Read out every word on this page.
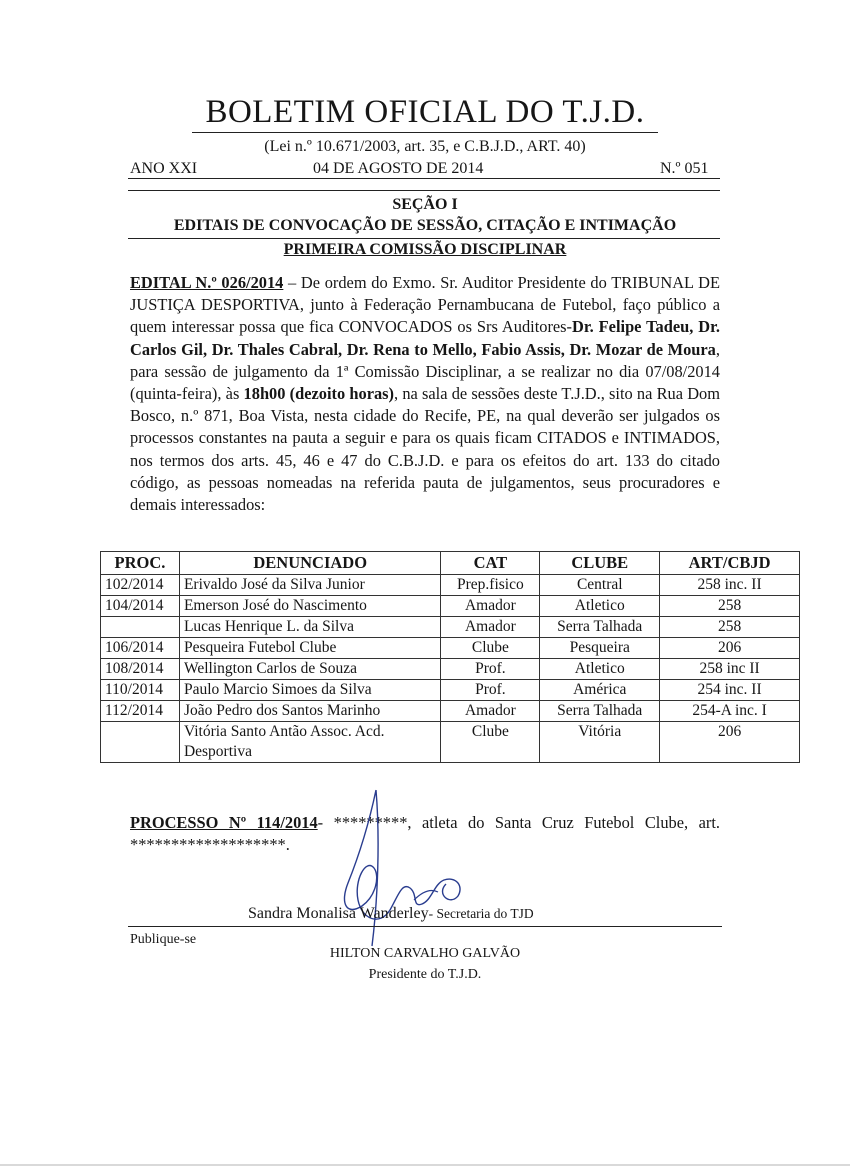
BOLETIM OFICIAL DO T.J.D.
(Lei n.º 10.671/2003, art. 35, e C.B.J.D., ART. 40)
ANO XXI	04 DE AGOSTO DE 2014	N.º 051
SEÇÃO I
EDITAIS DE CONVOCAÇÃO DE SESSÃO, CITAÇÃO E INTIMAÇÃO
PRIMEIRA COMISSÃO DISCIPLINAR
EDITAL N.º 026/2014 – De ordem do Exmo. Sr. Auditor Presidente do TRIBUNAL DE JUSTIÇA DESPORTIVA, junto à Federação Pernambucana de Futebol, faço público a quem interessar possa que fica CONVOCADOS os Srs Auditores-Dr. Felipe Tadeu, Dr. Carlos Gil, Dr. Thales Cabral, Dr. Rena to Mello, Fabio Assis, Dr. Mozar de Moura, para sessão de julgamento da 1ª Comissão Disciplinar, a se realizar no dia 07/08/2014 (quinta-feira), às 18h00 (dezoito horas), na sala de sessões deste T.J.D., sito na Rua Dom Bosco, n.º 871, Boa Vista, nesta cidade do Recife, PE, na qual deverão ser julgados os processos constantes na pauta a seguir e para os quais ficam CITADOS e INTIMADOS, nos termos dos arts. 45, 46 e 47 do C.B.J.D. e para os efeitos do art. 133 do citado código, as pessoas nomeadas na referida pauta de julgamentos, seus procuradores e demais interessados:
PROC.	DENUNCIADO	CAT	CLUBE	ART/CBJD
102/2014	Erivaldo José da Silva Junior	Prep.fisico	Central	258 inc. II
104/2014	Emerson José do Nascimento	Amador	Atletico	258
	Lucas Henrique L. da Silva	Amador	Serra Talhada	258
106/2014	Pesqueira Futebol Clube	Clube	Pesqueira	206
108/2014	Wellington Carlos de Souza	Prof.	Atletico	258 inc II
110/2014	Paulo Marcio Simoes da Silva	Prof.	América	254 inc. II
112/2014	João Pedro dos Santos Marinho	Amador	Serra Talhada	254-A inc. I
	Vitória Santo Antão Assoc. Acd. Desportiva	Clube	Vitória	206
PROCESSO Nº 114/2014- *********, atleta do Santa Cruz Futebol Clube, art. *******************.
Sandra Monalisa Wanderley- Secretaria do TJD
Publique-se
HILTON CARVALHO GALVÃO
Presidente do T.J.D.
